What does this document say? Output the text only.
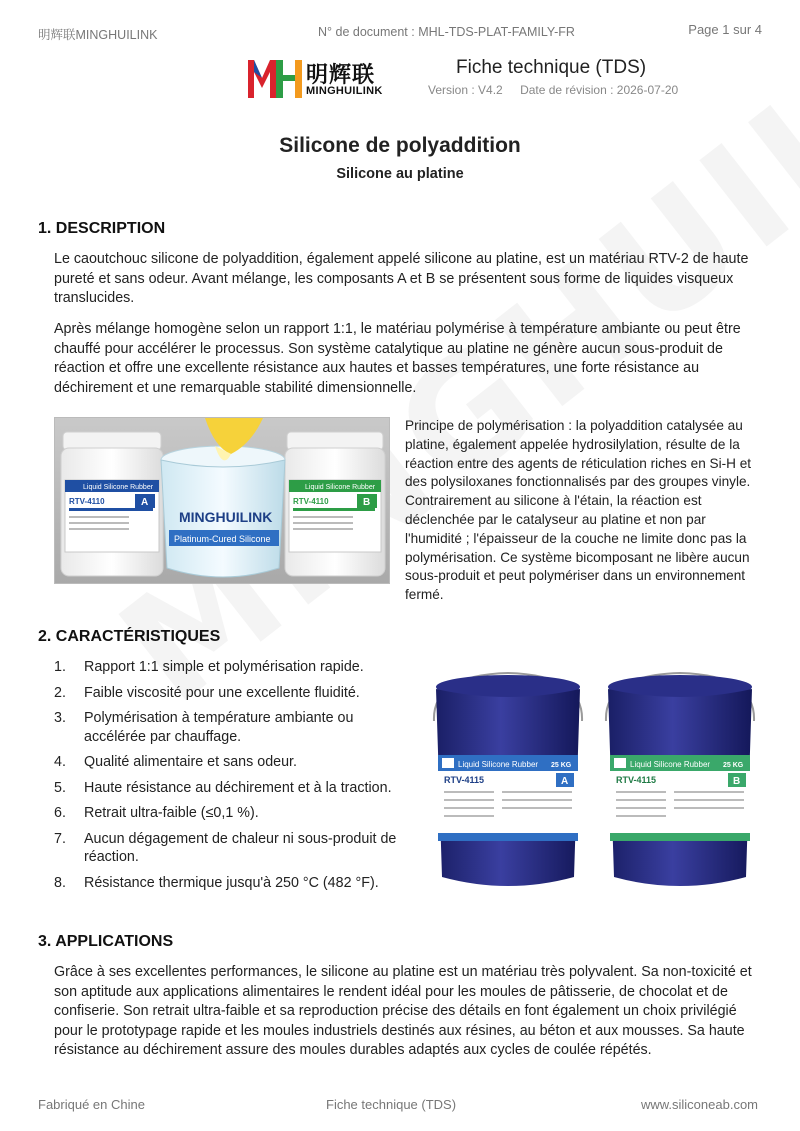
明辉联MINGHUILINK	N° de document : MHL-TDS-PLAT-FAMILY-FR	Page 1 sur 4
明辉联
MINGHUILINK
Fiche technique (TDS)
Version : V4.2 Date de révision : 2026-07-20
Silicone de polyaddition
Silicone au platine
1. DESCRIPTION

Le caoutchouc silicone de polyaddition, également appelé silicone au platine, est un matériau RTV-2 de haute pureté et sans odeur. Avant mélange, les composants A et B se présentent sous forme de liquides visqueux translucides.

Après mélange homogène selon un rapport 1:1, le matériau polymérise à température ambiante ou peut être chauffé pour accélérer le processus. Son système catalytique au platine ne génère aucun sous-produit de réaction et offre une excellente résistance aux hautes et basses températures, une forte résistance au déchirement et une remarquable stabilité dimensionnelle.

Liquid Silicone Rubber
RTV-4110	A
Liquid Silicone Rubber
RTV-4110	B
MINGHUILINK
Platinum-Cured Silicone

Principe de polymérisation : la polyaddition catalysée au platine, également appelée hydrosilylation, résulte de la réaction entre des agents de réticulation riches en Si-H et des polysiloxanes fonctionnalisés par des groupes vinyle. Contrairement au silicone à l'étain, la réaction est déclenchée par le catalyseur au platine et non par l'humidité ; l'épaisseur de la couche ne limite donc pas la polymérisation. Ce système bicomposant ne libère aucun sous-produit et peut polymériser dans un environnement fermé.

2. CARACTÉRISTIQUES
1. Rapport 1:1 simple et polymérisation rapide.
2. Faible viscosité pour une excellente fluidité.
3. Polymérisation à température ambiante ou accélérée par chauffage.
4. Qualité alimentaire et sans odeur.
5. Haute résistance au déchirement et à la traction.
6. Retrait ultra-faible (≤0,1 %).
7. Aucun dégagement de chaleur ni sous-produit de réaction.
8. Résistance thermique jusqu'à 250 °C (482 °F).
Liquid Silicone Rubber 25 KG
RTV-4115	A
Liquid Silicone Rubber 25 KG
RTV-4115	B
3. APPLICATIONS

Grâce à ses excellentes performances, le silicone au platine est un matériau très polyvalent. Sa non-toxicité et son aptitude aux applications alimentaires le rendent idéal pour les moules de pâtisserie, de chocolat et de confiserie. Son retrait ultra-faible et sa reproduction précise des détails en font également un choix privilégié pour le prototypage rapide et les moules industriels destinés aux résines, au béton et aux mousses. Sa haute résistance au déchirement assure des moules durables adaptés aux cycles de coulée répétés.

Fabriqué en Chine	Fiche technique (TDS)	www.siliconeab.com
